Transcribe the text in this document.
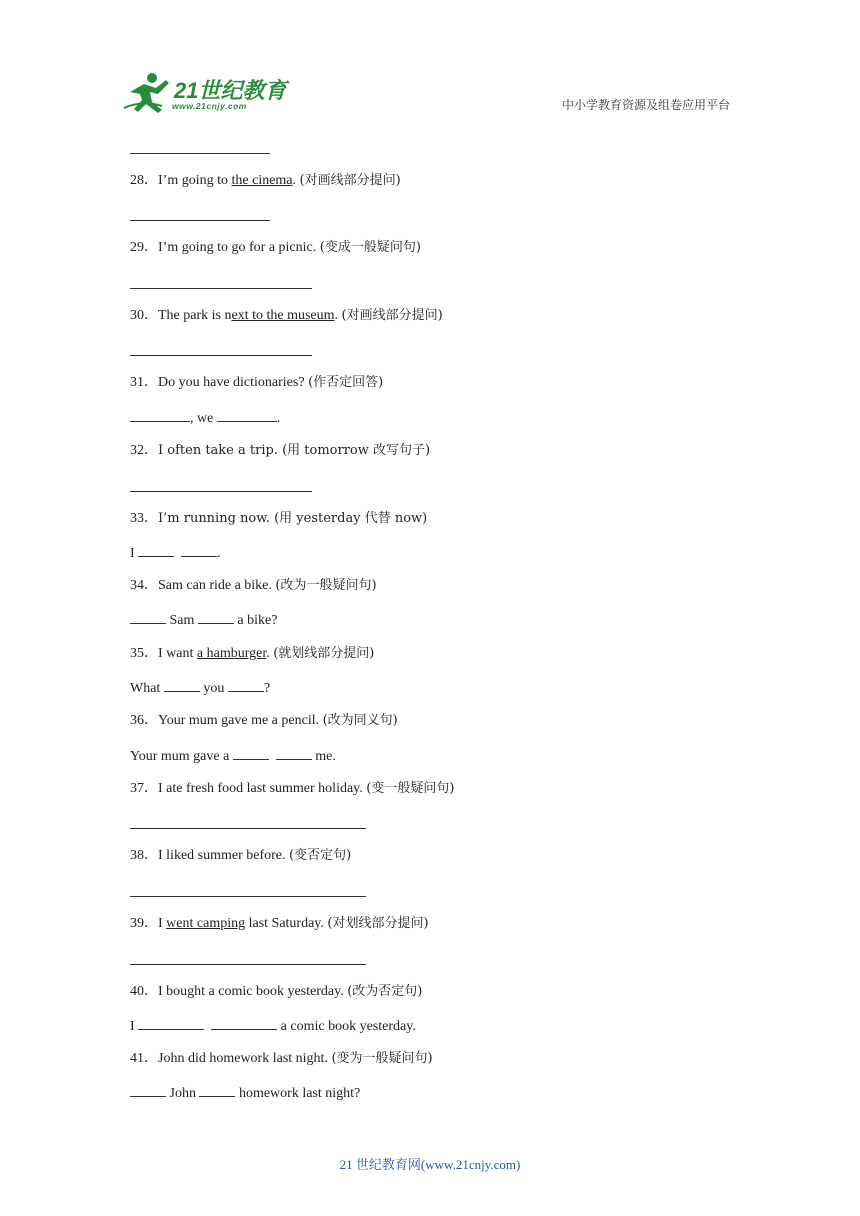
21世纪教育
www.21cnjy.com	中小学教育资源及组卷应用平台
28．I’m going to the cinema. (对画线部分提问)
29．I’m going to go for a picnic. (变成一般疑问句)
30．The park is next to the museum. (对画线部分提问)
31．Do you have dictionaries? (作否定回答)
, we	.
32．I often take a trip. (用 tomorrow 改写句子)
33．I’m running now. (用 yesterday 代替 now)
I	.
34．Sam can ride a bike. (改为一般疑问句)
Sam	a bike?
35．I want a hamburger. (就划线部分提问)
What	you	?
36．Your mum gave me a pencil. (改为同义句)
Your mum gave a	me.
37．I ate fresh food last summer holiday. (变一般疑问句)
38．I liked summer before. (变否定句)
39．I went camping last Saturday. (对划线部分提问)
40．I bought a comic book yesterday. (改为否定句)
I	a comic book yesterday.
41．John did homework last night. (变为一般疑问句)
John	homework last night?
21 世纪教育网(www.21cnjy.com)
